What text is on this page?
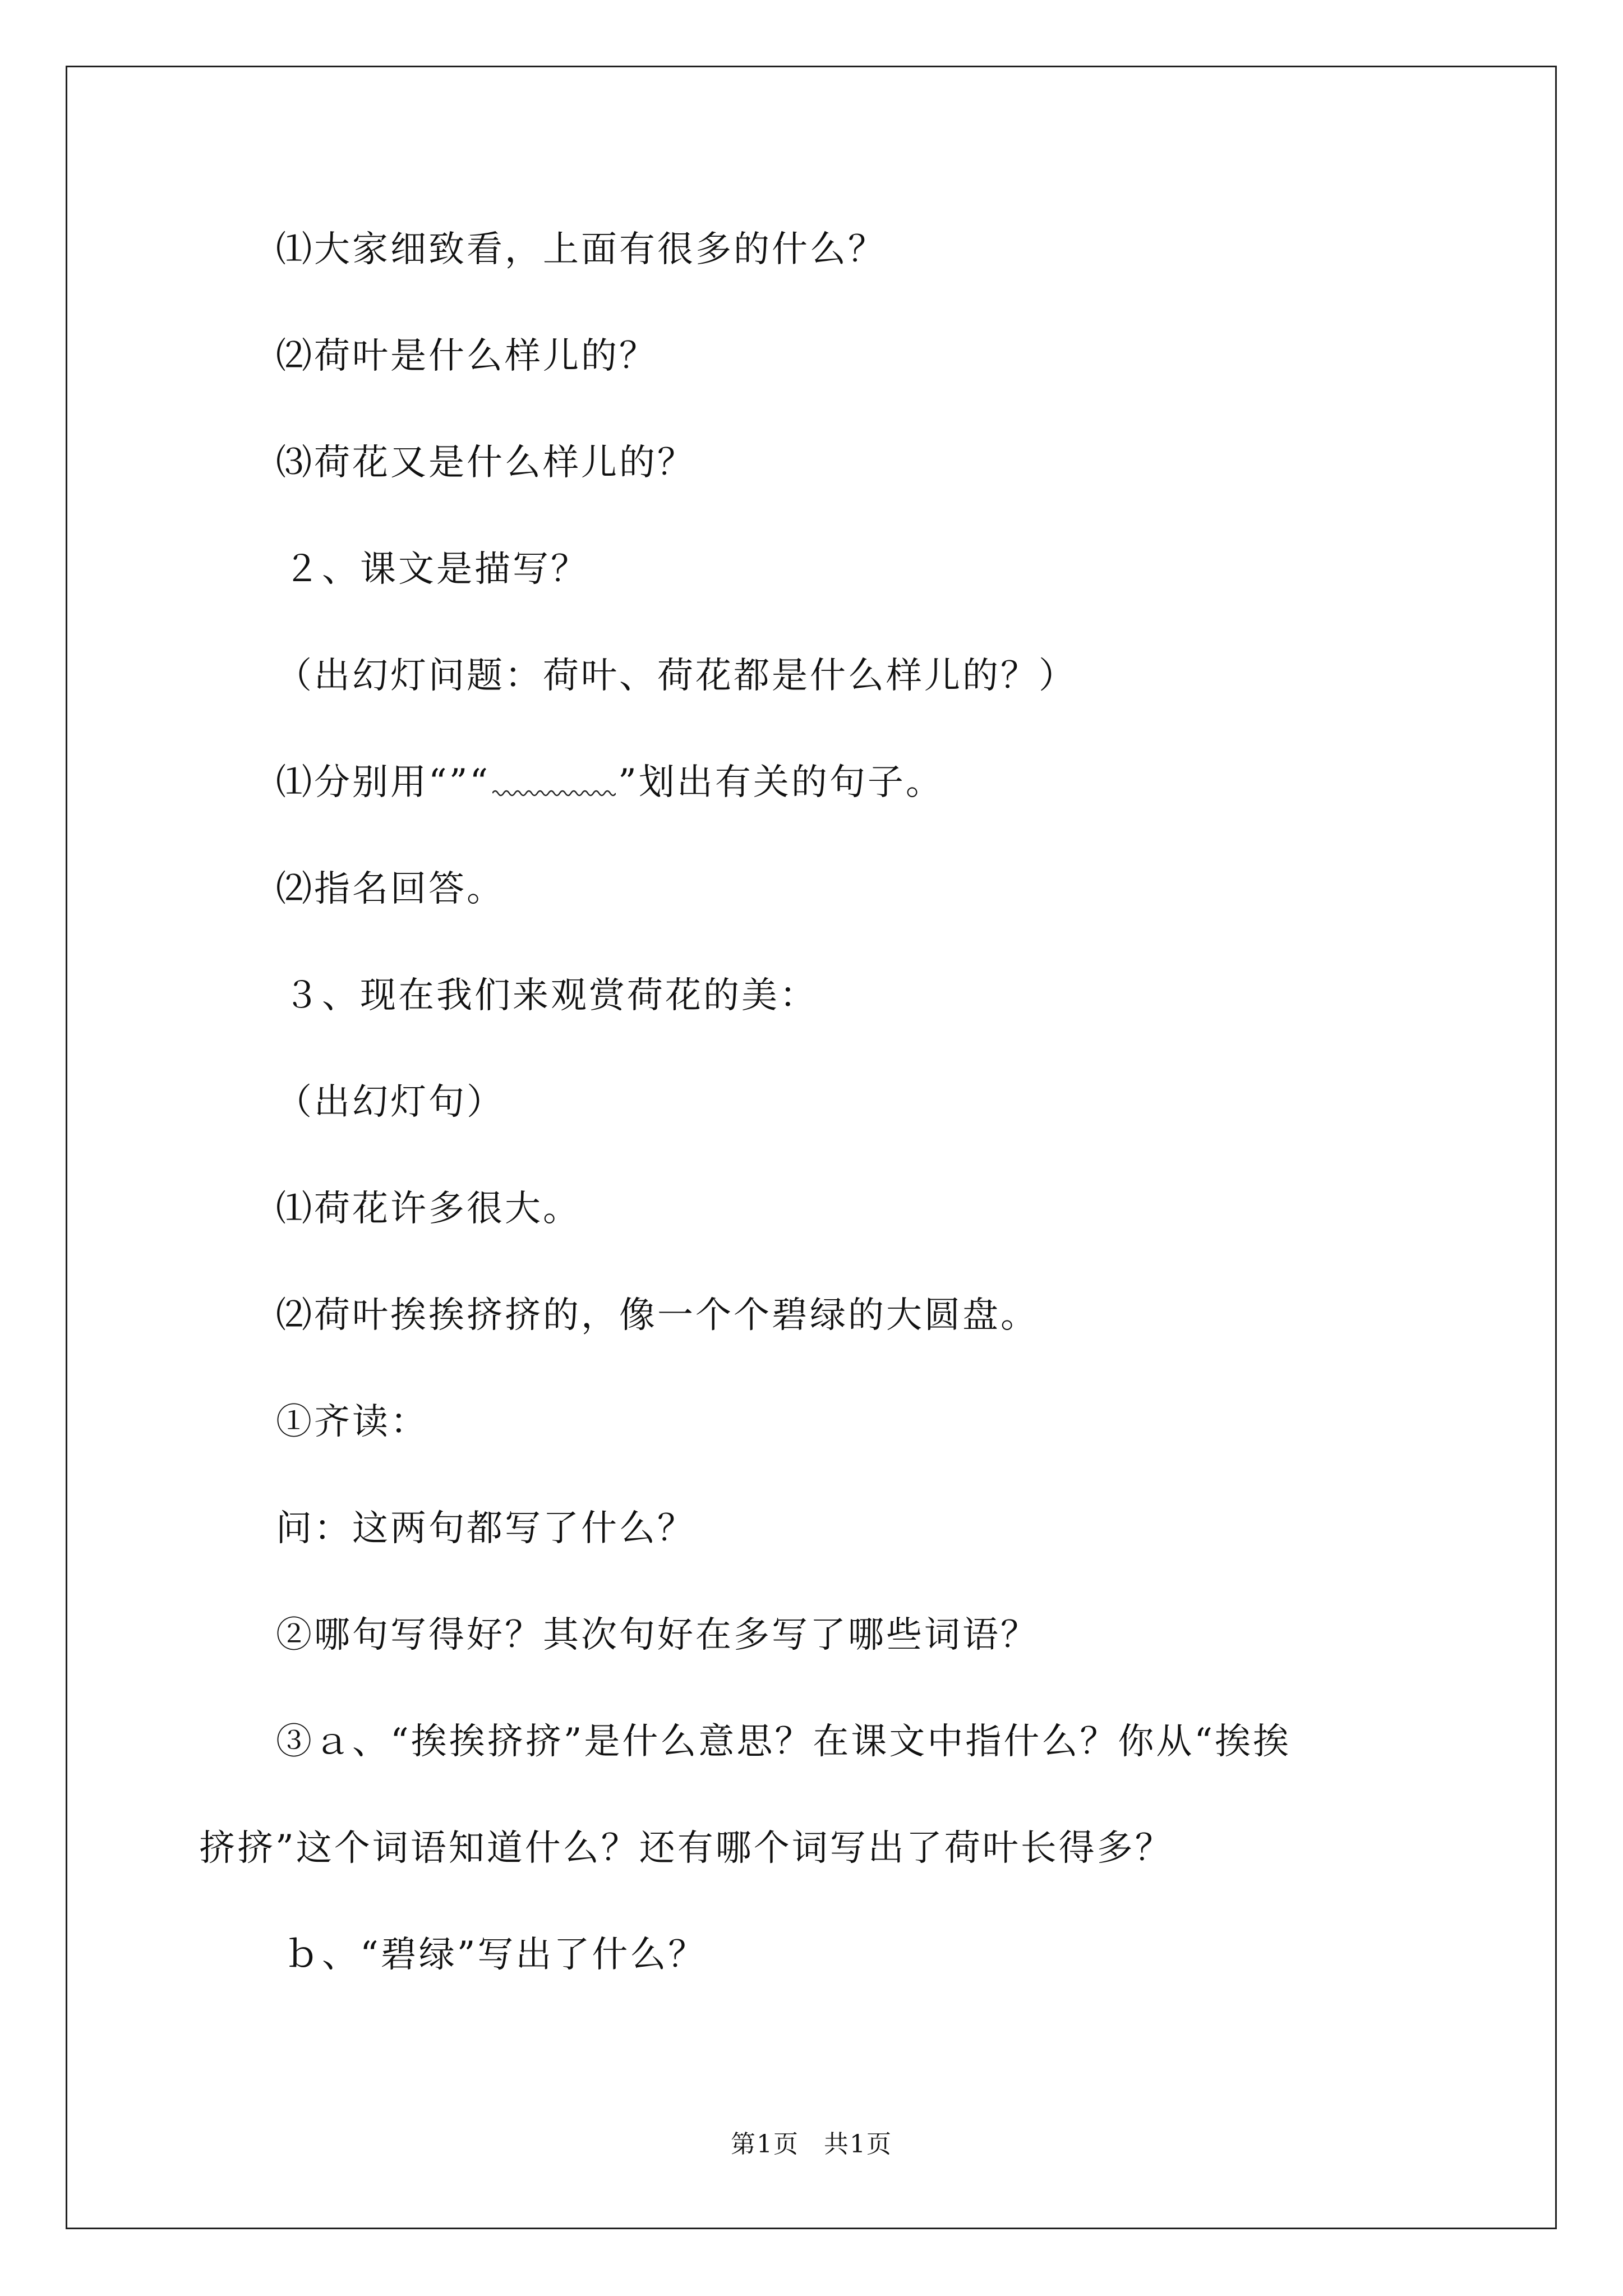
⑴大家细致看，上面有很多的什么？
⑵荷叶是什么样儿的？
⑶荷花又是什么样儿的？
２、课文是描写？
（出幻灯问题：荷叶、荷花都是什么样儿的？）
⑴分别用“”“	”划出有关的句子。
⑵指名回答。
３、现在我们来观赏荷花的美：
（出幻灯句）
⑴荷花许多很大。
⑵荷叶挨挨挤挤的，像一个个碧绿的大圆盘。
①齐读：
问：这两句都写了什么？
②哪句写得好？其次句好在多写了哪些词语？
③ａ、“挨挨挤挤”是什么意思？在课文中指什么？你从“挨挨
挤挤”这个词语知道什么？还有哪个词写出了荷叶长得多？
ｂ、“碧绿”写出了什么？
第1页 共1页
